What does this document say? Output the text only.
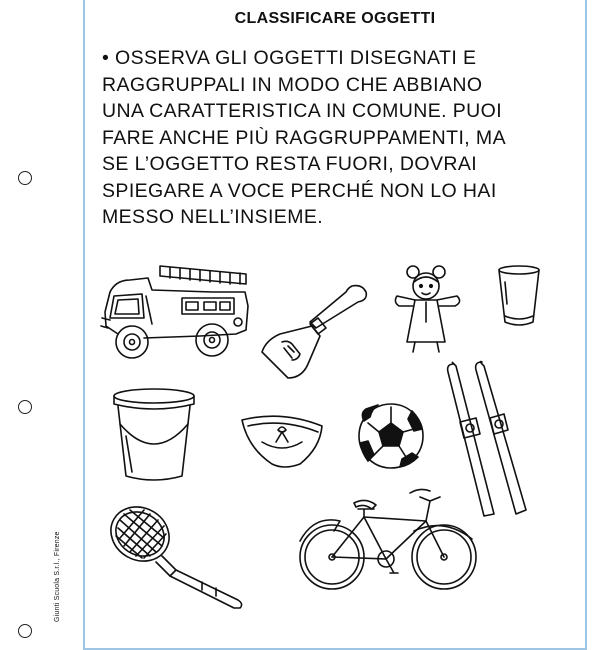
Giunti Scuola S.r.l., Firenze
CLASSIFICARE OGGETTI
• OSSERVA GLI OGGETTI DISEGNATI E
RAGGRUPPALI IN MODO CHE ABBIANO
UNA CARATTERISTICA IN COMUNE. PUOI
FARE ANCHE PIÙ RAGGRUPPAMENTI, MA
SE L’OGGETTO RESTA FUORI, DOVRAI
SPIEGARE A VOCE PERCHÉ NON LO HAI
MESSO NELL’INSIEME.
